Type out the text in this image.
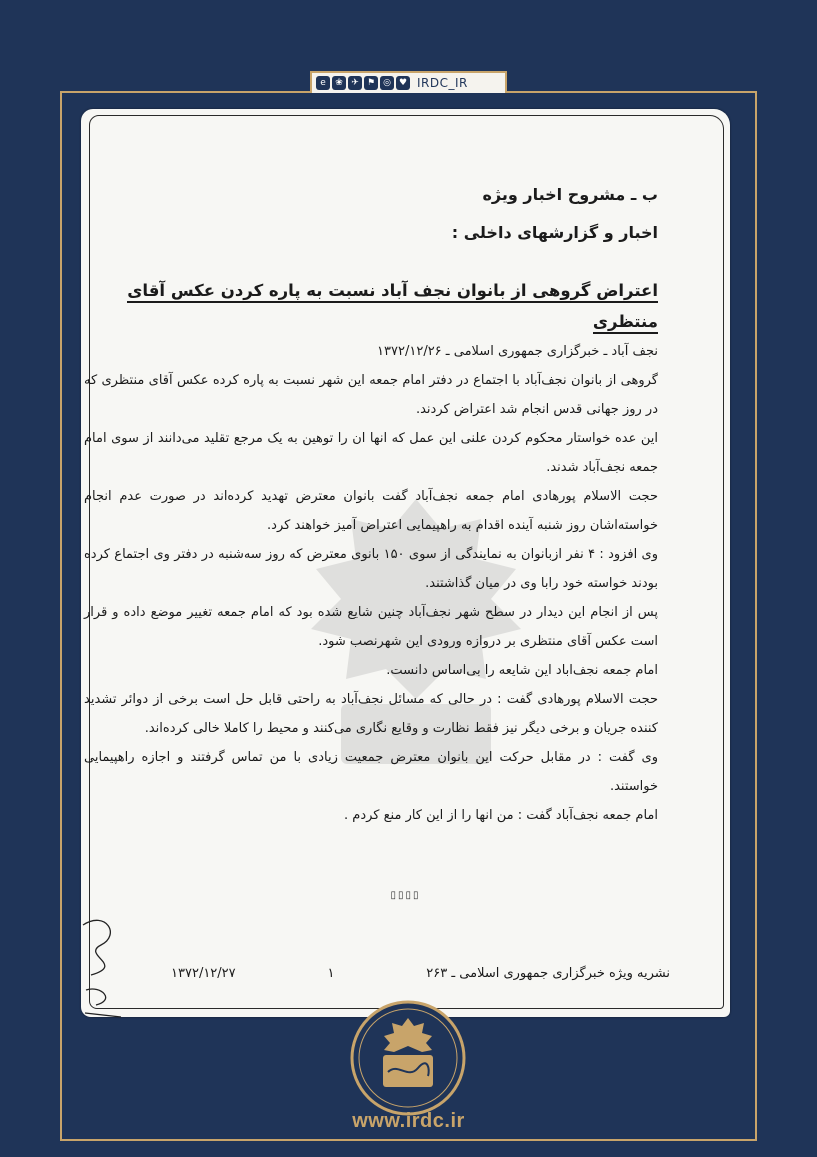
e	❀ ✈ ⚑ ◎ ♥ IRDC_IR
ب ـ مشروح اخبار ویژه
اخبار و گزارشهای داخلی :
اعتراض گروهی از بانوان نجف آباد نسبت به پاره کردن عکس آقای
منتظری

نجف آباد ـ خبرگزاری جمهوری اسلامی ـ ۱۳۷۲/۱۲/۲۶

گروهی از بانوان نجف‌آباد با اجتماع در دفتر امام جمعه این شهر نسبت به پاره کرده عکس آقای منتظری که در روز جهانی قدس انجام شد اعتراض کردند.

این عده خواستار محکوم کردن علنی این عمل که انها ان را توهین به یک مرجع تقلید می‌دانند از سوی امام جمعه نجف‌آباد شدند.

حجت الاسلام پورهادی امام جمعه نجف‌آباد گفت بانوان معترض تهدید کرده‌اند در صورت عدم انجام خواسته‌اشان روز شنبه آینده اقدام به راهپیمایی اعتراض آمیز خواهند کرد.

وی افزود : ۴ نفر ازبانوان به نمایندگی از سوی ۱۵۰ بانوی معترض که روز سه‌شنبه در دفتر وی اجتماع کرده بودند خواسته خود رابا وی در میان گذاشتند.

پس از انجام این دیدار در سطح شهر نجف‌آباد چنین شایع شده بود که امام جمعه تغییر موضع داده و قرار است عکس آقای منتظری بر دروازه ورودی این شهرنصب شود.

امام جمعه نجف‌اباد این شایعه را بی‌اساس دانست.

حجت الاسلام پورهادی گفت : در حالی که مسائل نجف‌آباد به راحتی قابل حل است برخی از دوائر تشدید کننده جریان و برخی دیگر نیز فقط نظارت و وقایع نگاری می‌کنند و محیط را کاملا خالی کرده‌اند.

وی گفت : در مقابل حرکت این بانوان معترض جمعیت زیادی با من تماس گرفتند و اجازه راهپیمایی خواستند.

امام جمعه نجف‌آباد گفت : من انها را از این کار منع کردم .

▯▯▯▯
نشریه ویژه خبرگزاری جمهوری اسلامی ـ ۲۶۳
۱
۱۳۷۲/۱۲/۲۷
www.irdc.ir
